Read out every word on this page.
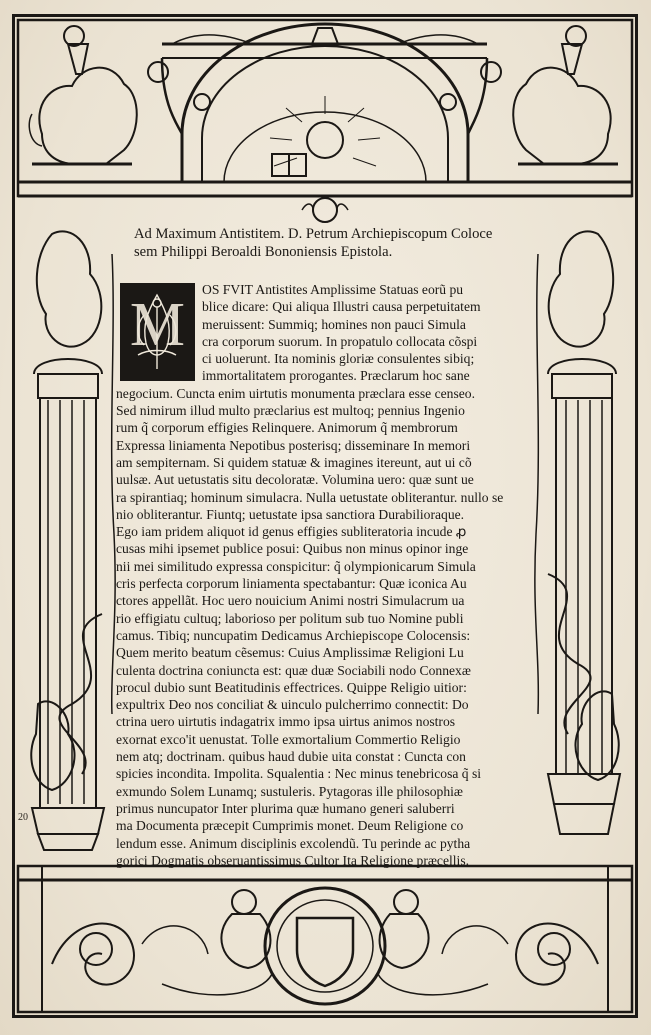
Ad Maximum Antistitem. D. Petrum Archiepiscopum Coloce
sem Philippi Beroaldi Bononiensis Epistola.
M
OS FVIT Antistites Amplissime Statuas eorũ pu
blice dicare: Qui aliqua Illustri causa perpetuitatem
meruissent: Summiq; homines non pauci Simula
cra corporum suorum. In propatulo collocata cõspi
ci uoluerunt. Ita nominis gloriæ consulentes sibiq;
immortalitatem prorogantes. Præclarum hoc sane
negocium. Cuncta enim uirtutis monumenta præclara esse censeo.
Sed nimirum illud multo præclarius est multoq; pennius Ingenio
rum q̃ corporum effigies Relinquere. Animorum q̃ membrorum
Expressa liniamenta Nepotibus posterisq; disseminare In memori
am sempiternam. Si quidem statuæ & imagines itereunt, aut ui cõ
uulsæ. Aut uetustatis situ decoloratæ. Volumina uero: quæ sunt ue
ra spirantiaq; hominum simulacra. Nulla uetustate obliterantur. nullo se
nio obliterantur. Fiuntq; uetustate ipsa sanctiora Durabilioraque.
Ego iam pridem aliquot id genus effigies subliteratoria incude ꝓ
cusas mihi ipsemet publice posui: Quibus non minus opinor inge
nii mei similitudo expressa conspicitur: q̃ olympionicarum Simula
cris perfecta corporum liniamenta spectabantur: Quæ iconica Au
ctores appellãt. Hoc uero nouicium Animi nostri Simulacrum ua
rio effigiatu cultuq; laborioso per politum sub tuo Nomine publi
camus. Tibiq; nuncupatim Dedicamus Archiepiscope Colocensis:
Quem merito beatum cẽsemus: Cuius Amplissimæ Religioni Lu
culenta doctrina coniuncta est: quæ duæ Sociabili nodo Connexæ
procul dubio sunt Beatitudinis effectrices. Quippe Religio uitior:
expultrix Deo nos conciliat & uinculo pulcherrimo connectit: Do
ctrina uero uirtutis indagatrix immo ipsa uirtus animos nostros
exornat exco'it uenustat. Tolle exmortalium Commertio Religio
nem atq; doctrinam. quibus haud dubie uita constat : Cuncta con
spicies incondita. Impolita. Squalentia : Nec minus tenebricosa q̃ si
exmundo Solem Lunamq; sustuleris. Pytagoras ille philosophiæ
primus nuncupator Inter plurima quæ humano generi saluberri
ma Documenta præcepit Cumprimis monet. Deum Religione co
lendum esse. Animum disciplinis excolendũ. Tu perinde ac pytha
gorici Dogmatis obseruantissimus Cultor Ita Religione præcellis.
20
